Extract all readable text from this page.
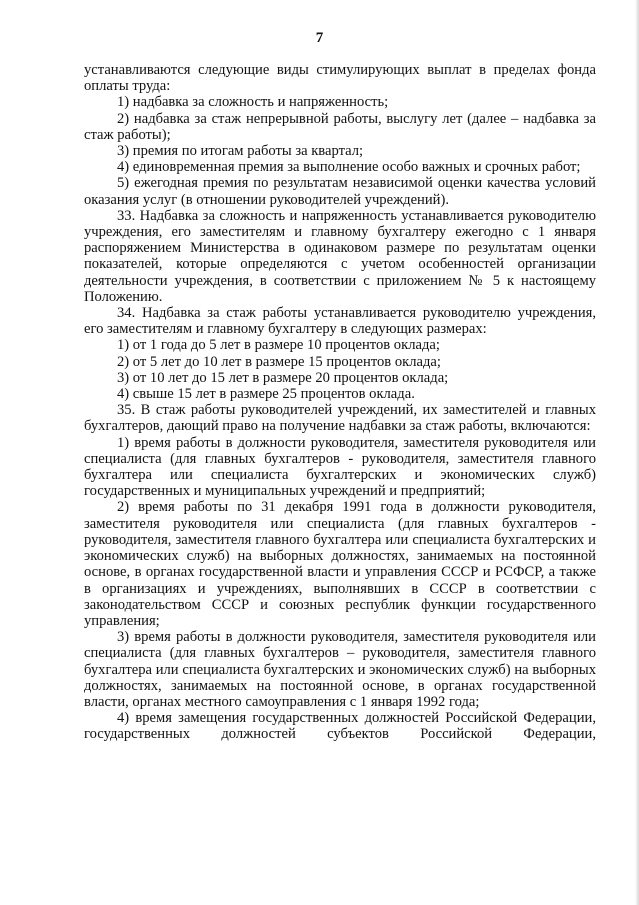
7

устанавливаются следующие виды стимулирующих выплат в пределах фонда оплаты труда:

1) надбавка за сложность и напряженность;

2) надбавка за стаж непрерывной работы, выслугу лет (далее – надбавка за стаж работы);

3) премия по итогам работы за квартал;

4) единовременная премия за выполнение особо важных и срочных работ;

5) ежегодная премия по результатам независимой оценки качества условий оказания услуг (в отношении руководителей учреждений).

33. Надбавка за сложность и напряженность устанавливается руководителю учреждения, его заместителям и главному бухгалтеру ежегодно с 1 января распоряжением Министерства в одинаковом размере по результатам оценки показателей, которые определяются с учетом особенностей организации деятельности учреждения, в соответствии с приложением № 5 к настоящему Положению.

34. Надбавка за стаж работы устанавливается руководителю учреждения, его заместителям и главному бухгалтеру в следующих размерах:

1) от 1 года до 5 лет в размере 10 процентов оклада;

2) от 5 лет до 10 лет в размере 15 процентов оклада;

3) от 10 лет до 15 лет в размере 20 процентов оклада;

4) свыше 15 лет в размере 25 процентов оклада.

35. В стаж работы руководителей учреждений, их заместителей и главных бухгалтеров, дающий право на получение надбавки за стаж работы, включаются:

1) время работы в должности руководителя, заместителя руководителя или специалиста (для главных бухгалтеров - руководителя, заместителя главного бухгалтера или специалиста бухгалтерских и экономических служб) государственных и муниципальных учреждений и предприятий;

2) время работы по 31 декабря 1991 года в должности руководителя, заместителя руководителя или специалиста (для главных бухгалтеров - руководителя, заместителя главного бухгалтера или специалиста бухгалтерских и экономических служб) на выборных должностях, занимаемых на постоянной основе, в органах государственной власти и управления СССР и РСФСР, а также в организациях и учреждениях, выполнявших в СССР в соответствии с законодательством СССР и союзных республик функции государственного управления;

3) время работы в должности руководителя, заместителя руководителя или специалиста (для главных бухгалтеров – руководителя, заместителя главного бухгалтера или специалиста бухгалтерских и экономических служб) на выборных должностях, занимаемых на постоянной основе, в органах государственной власти, органах местного самоуправления с 1 января 1992 года;

4) время замещения государственных должностей Российской Федерации, государственных должностей субъектов Российской Федерации,
